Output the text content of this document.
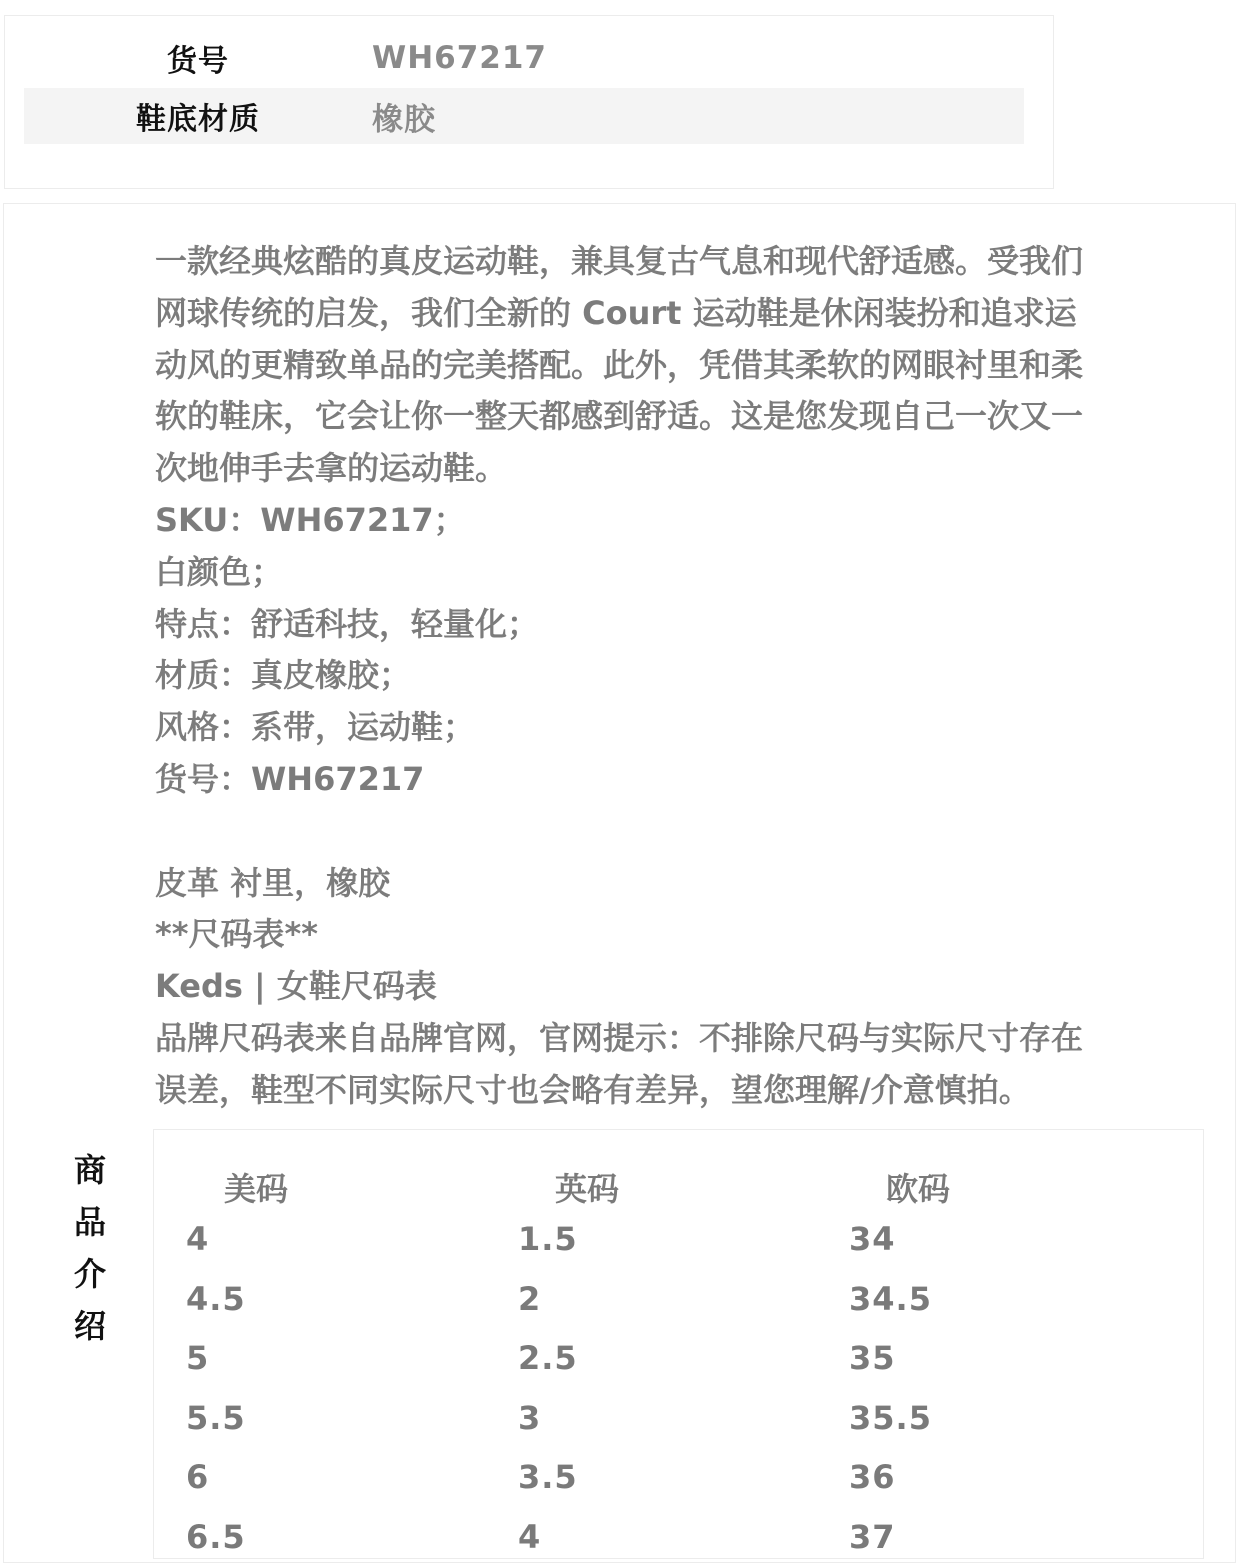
货号	WH67217
鞋底材质	橡胶
商
品
介
绍

一款经典炫酷的真皮运动鞋，兼具复古气息和现代舒适感。受我们

网球传统的启发，我们全新的 Court 运动鞋是休闲装扮和追求运

动风的更精致单品的完美搭配。此外，凭借其柔软的网眼衬里和柔

软的鞋床，它会让你一整天都感到舒适。这是您发现自己一次又一

次地伸手去拿的运动鞋。

SKU：WH67217；

白颜色；

特点：舒适科技，轻量化；

材质：真皮橡胶；

风格：系带，运动鞋；

货号：WH67217

皮革 衬里，橡胶

**尺码表**

Keds | 女鞋尺码表

品牌尺码表来自品牌官网，官网提示：不排除尺码与实际尺寸存在

误差，鞋型不同实际尺寸也会略有差异，望您理解/介意慎拍。

美码	英码	欧码
4	1.5	34
4.5	2	34.5
5	2.5	35
5.5	3	35.5
6	3.5	36
6.5	4	37
